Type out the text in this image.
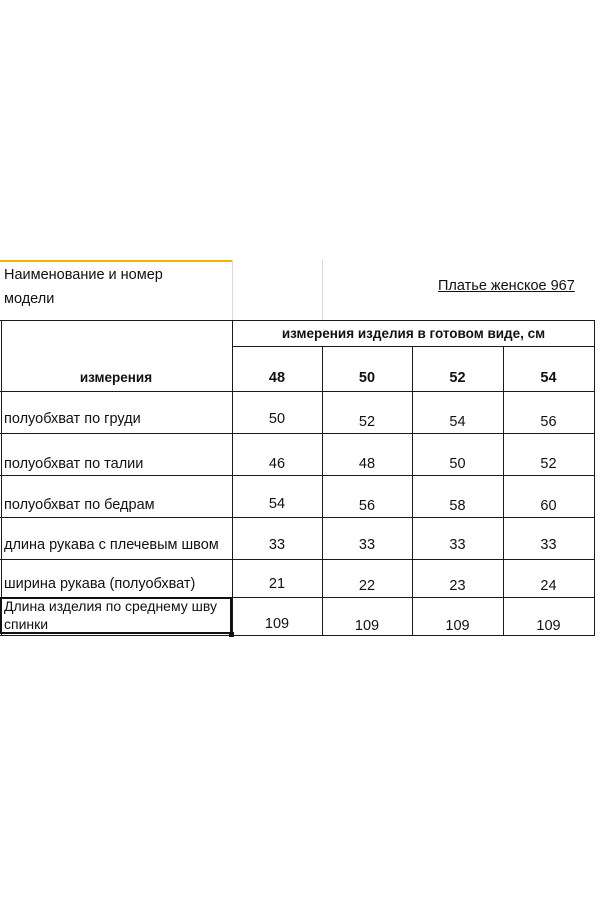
Наименование и номер
модели
Платье женское 967
измерения изделия в готовом виде, см
измерения	48	50	52	54
полуобхват по груди	50	52	54	56
полуобхват по талии	46	48	50	52
полуобхват по бедрам	54	56	58	60
длина рукава с плечевым швом	33	33	33	33
ширина рукава (полуобхват)	21	22	23	24
Длина изделия по среднему шву
спинки	109	109	109	109
